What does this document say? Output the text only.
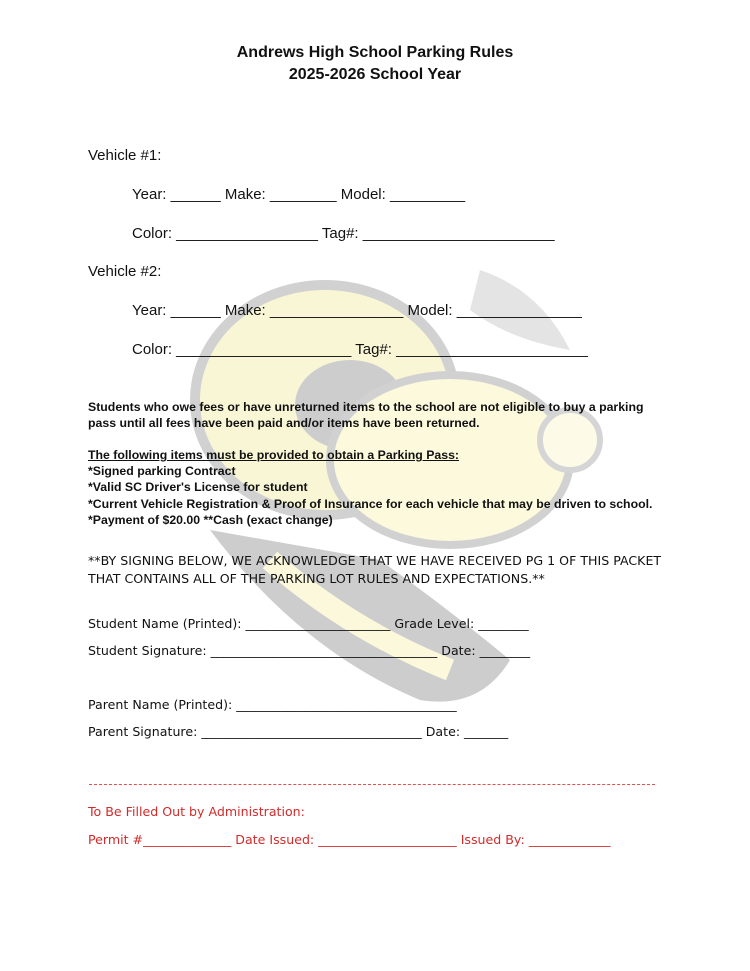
Andrews High School Parking Rules
2025-2026 School Year
Vehicle #1:
Year: ______ Make: ________ Model: _________
Color: _________________ Tag#: _______________________
Vehicle #2:
Year: ______ Make: ________________ Model: _______________
Color: _____________________ Tag#: _______________________
Students who owe fees or have unreturned items to the school are not eligible to buy a parking
pass until all fees have been paid and/or items have been returned.
The following items must be provided to obtain a Parking Pass:
*Signed parking Contract
*Valid SC Driver's License for student
*Current Vehicle Registration & Proof of Insurance for each vehicle that may be driven to school.
*Payment of $20.00 **Cash (exact change)
**BY SIGNING BELOW, WE ACKNOWLEDGE THAT WE HAVE RECEIVED PG 1 OF THIS PACKET
THAT CONTAINS ALL OF THE PARKING LOT RULES AND EXPECTATIONS.**
Student Name (Printed): _______________________ Grade Level: ________
Student Signature: ____________________________________ Date: ________
Parent Name (Printed): ___________________________________
Parent Signature: ___________________________________ Date: _______
To Be Filled Out by Administration:
Permit #______________ Date Issued: ______________________ Issued By: _____________
